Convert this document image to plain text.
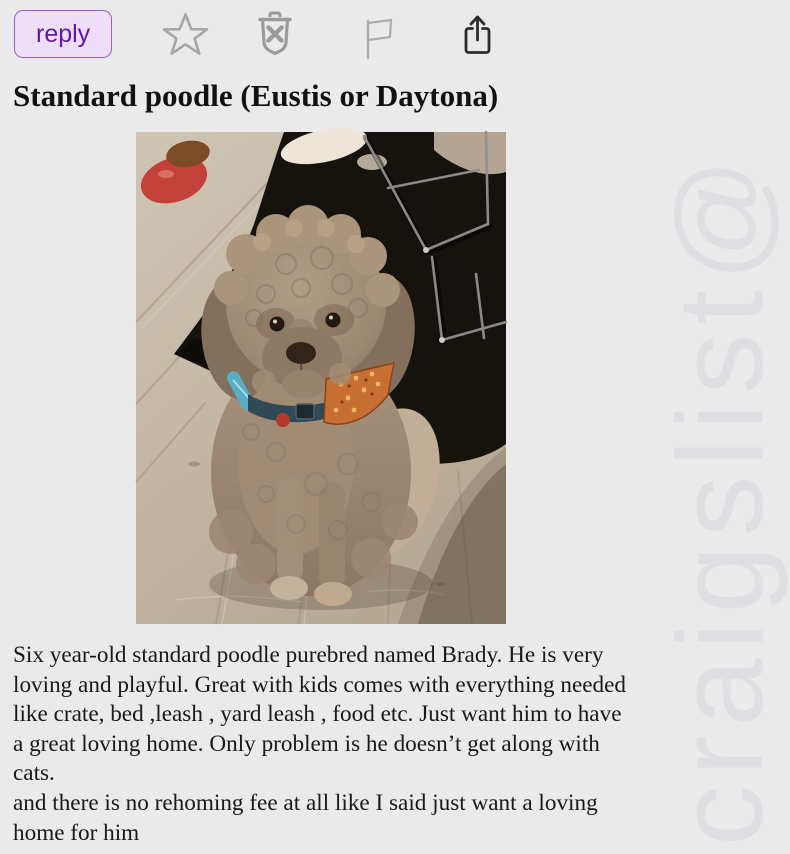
craigslist@
reply
Standard poodle (Eustis or Daytona)

Six year-old standard poodle purebred named Brady. He is very loving and playful. Great with kids comes with everything needed like crate, bed ,leash , yard leash , food etc. Just want him to have a great loving home. Only problem is he doesn’t get along with cats.

and there is no rehoming fee at all like I said just want a loving home for him
